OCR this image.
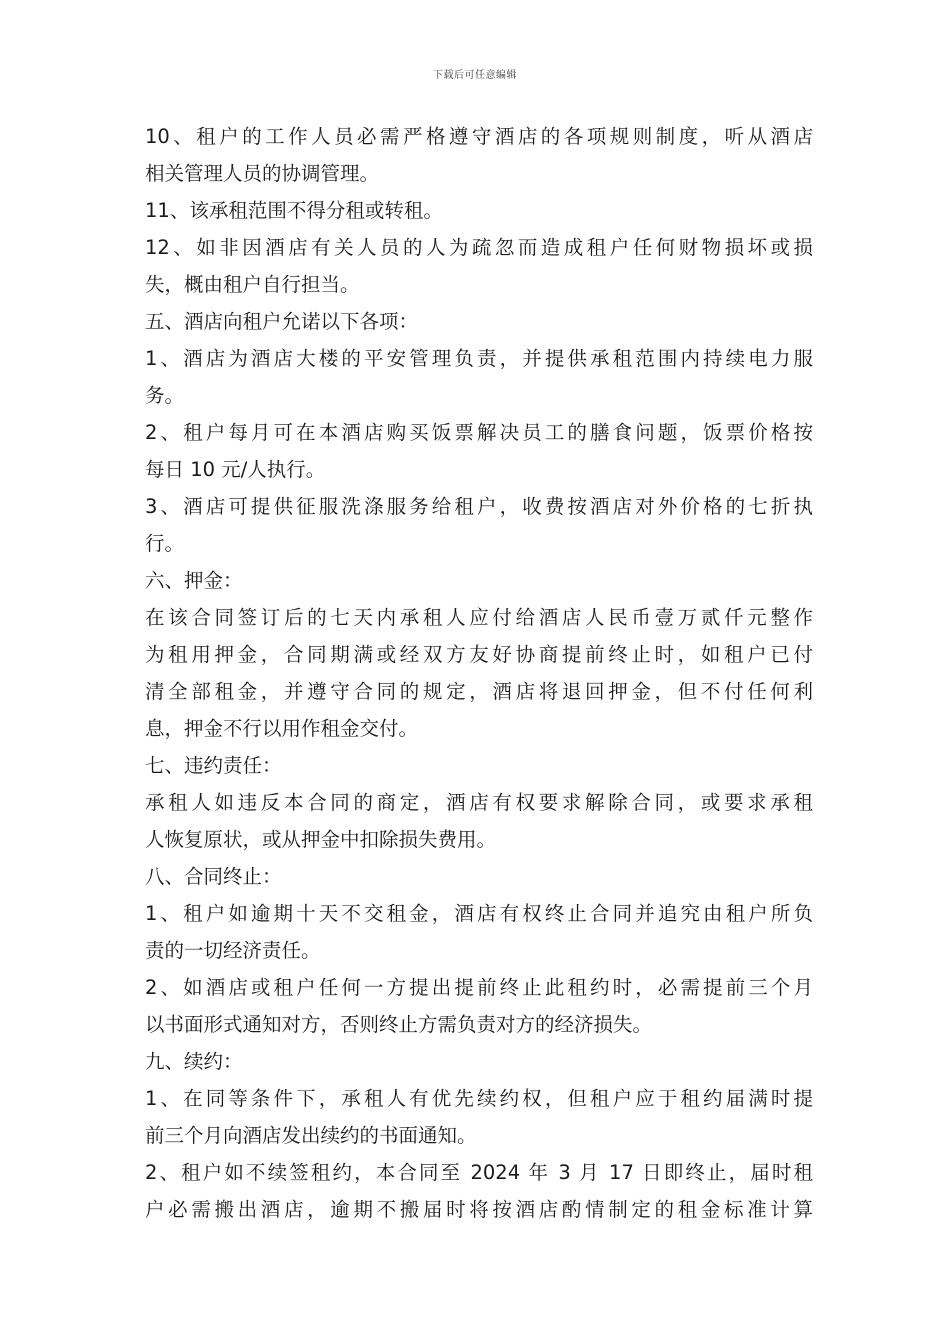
下载后可任意编辑
10、租户的工作人员必需严格遵守酒店的各项规则制度，听从酒店
相关管理人员的协调管理。
11、该承租范围不得分租或转租。
12、如非因酒店有关人员的人为疏忽而造成租户任何财物损坏或损
失，概由租户自行担当。
五、酒店向租户允诺以下各项：
1、酒店为酒店大楼的平安管理负责，并提供承租范围内持续电力服
务。
2、租户每月可在本酒店购买饭票解决员工的膳食问题，饭票价格按
每日 10 元/人执行。
3、酒店可提供征服洗涤服务给租户，收费按酒店对外价格的七折执
行。
六、押金：
在该合同签订后的七天内承租人应付给酒店人民币壹万贰仟元整作
为租用押金，合同期满或经双方友好协商提前终止时，如租户已付
清全部租金，并遵守合同的规定，酒店将退回押金，但不付任何利
息，押金不行以用作租金交付。
七、违约责任：
承租人如违反本合同的商定，酒店有权要求解除合同，或要求承租
人恢复原状，或从押金中扣除损失费用。
八、合同终止：
1、租户如逾期十天不交租金，酒店有权终止合同并追究由租户所负
责的一切经济责任。
2、如酒店或租户任何一方提出提前终止此租约时，必需提前三个月
以书面形式通知对方，否则终止方需负责对方的经济损失。
九、续约：
1、在同等条件下，承租人有优先续约权，但租户应于租约届满时提
前三个月向酒店发出续约的书面通知。
2、租户如不续签租约，本合同至 2024 年 3 月 17 日即终止，届时租
户必需搬出酒店，逾期不搬届时将按酒店酌情制定的租金标准计算
